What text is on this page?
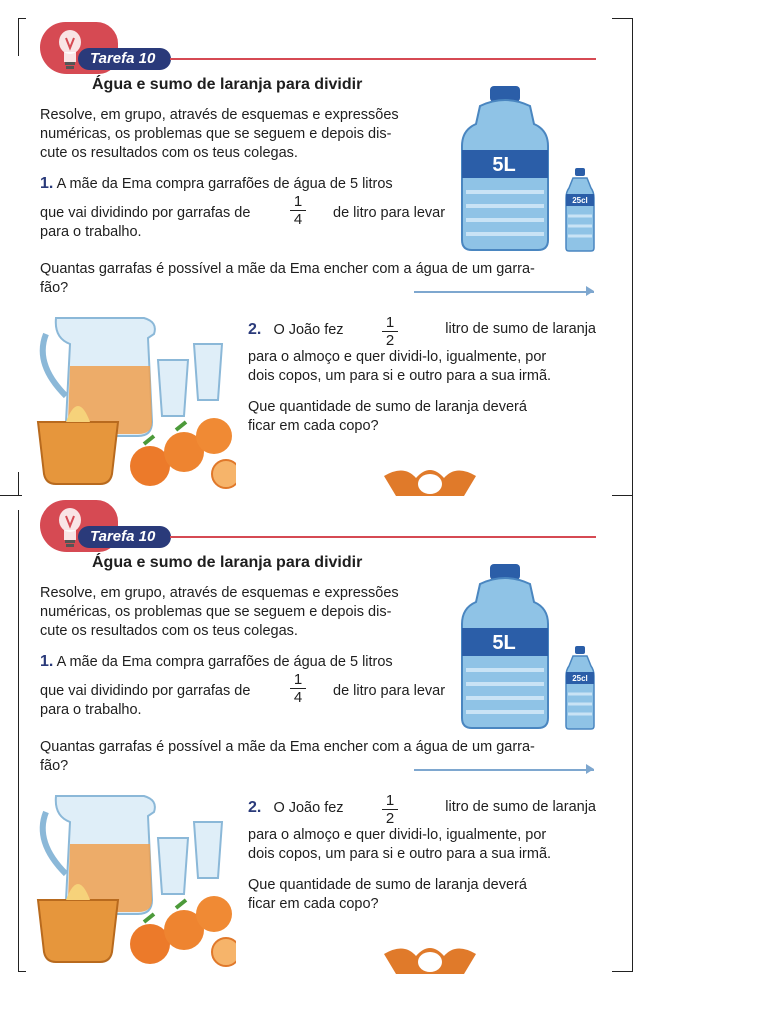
Tarefa 10
Água e sumo de laranja para dividir
Resolve, em grupo, através de esquemas e expressões
numéricas, os problemas que se seguem e depois dis-
cute os resultados com os teus colegas.
1. A mãe da Ema compra garrafões de água de 5 litros
que vai dividindo por garrafas de	de litro para levar
$\frac{1}{4}$
para o trabalho.
Quantas garrafas é possível a mãe da Ema encher com a água de um garra-
fão?
2. O João fez	$\frac{1}{2}$	litro de sumo de laranja
para o almoço e quer dividi-lo, igualmente, por
dois copos, um para si e outro para a sua irmã.
Que quantidade de sumo de laranja deverá
ficar em cada copo?
5L
25cl
Tarefa 10
Água e sumo de laranja para dividir
Resolve, em grupo, através de esquemas e expressões
numéricas, os problemas que se seguem e depois dis-
cute os resultados com os teus colegas.
1. A mãe da Ema compra garrafões de água de 5 litros
que vai dividindo por garrafas de	de litro para levar
$\frac{1}{4}$
para o trabalho.
Quantas garrafas é possível a mãe da Ema encher com a água de um garra-
fão?
2. O João fez	$\frac{1}{2}$	litro de sumo de laranja
para o almoço e quer dividi-lo, igualmente, por
dois copos, um para si e outro para a sua irmã.
Que quantidade de sumo de laranja deverá
ficar em cada copo?
5L
25cl
